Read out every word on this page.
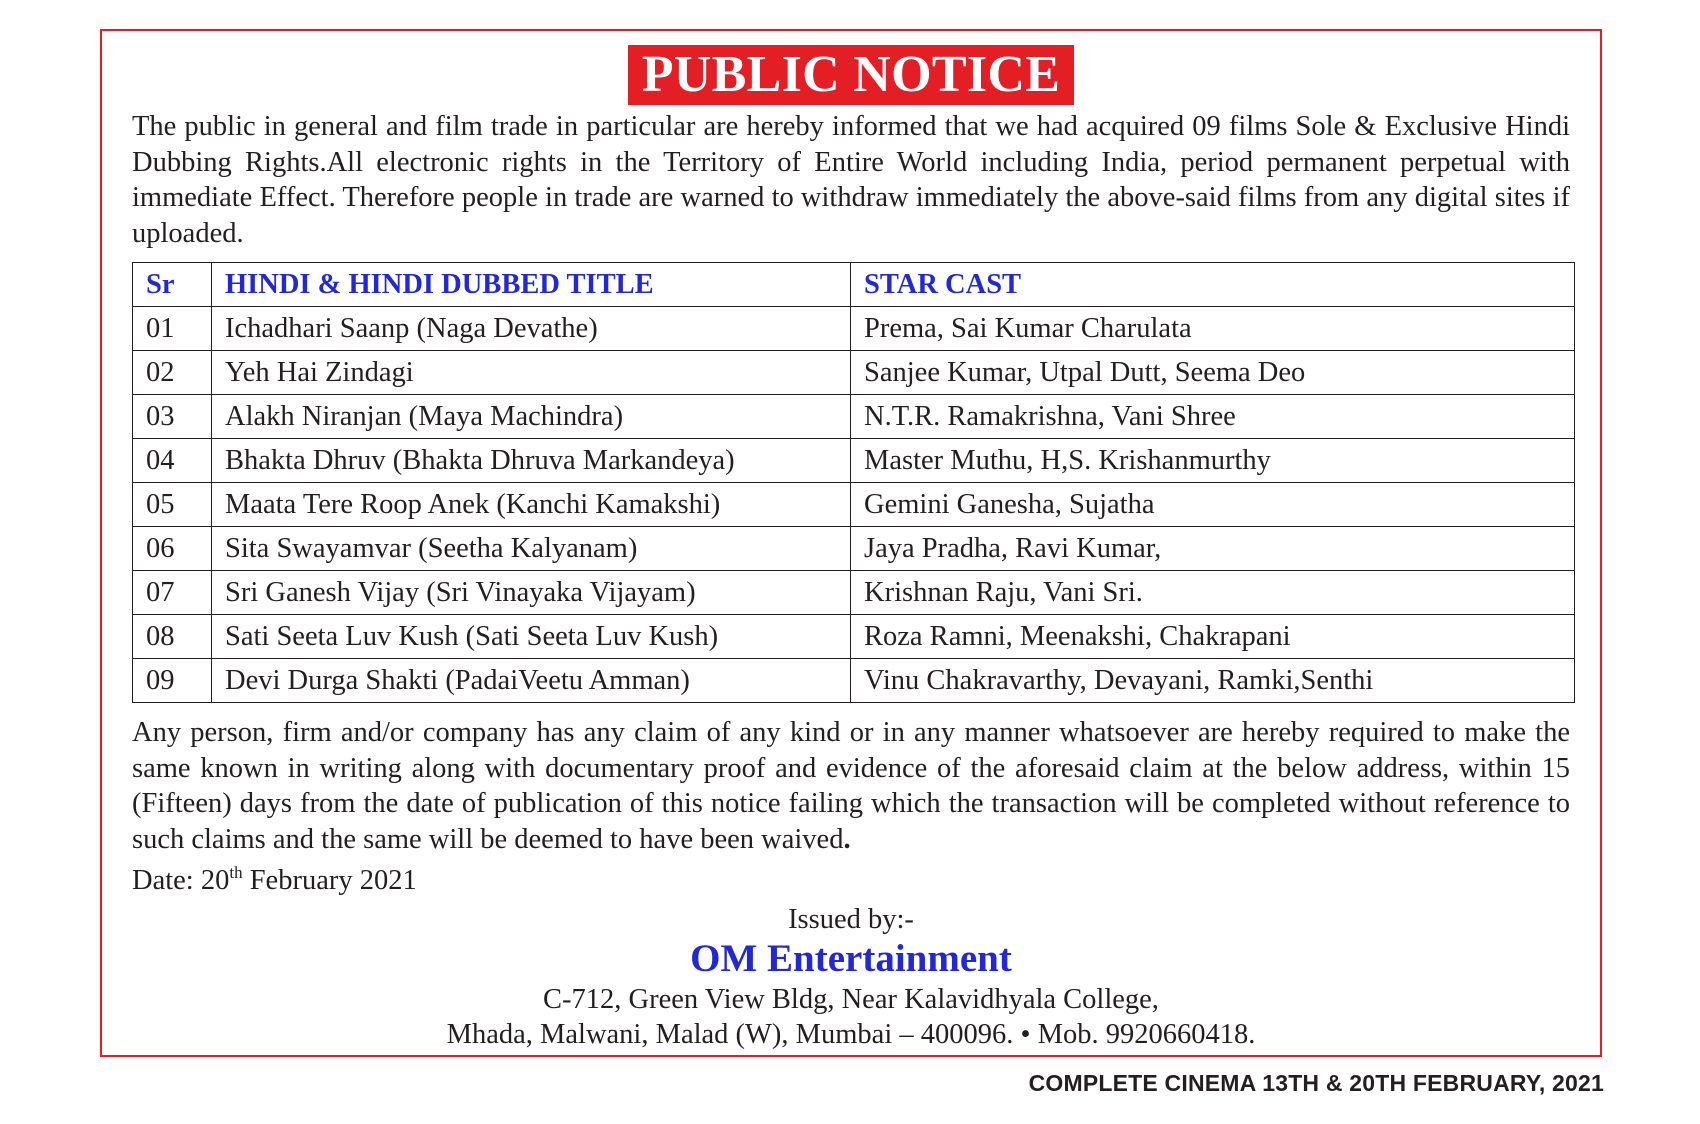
PUBLIC NOTICE
The public in general and film trade in particular are hereby informed that we had acquired 09 films Sole & Exclusive Hindi Dubbing Rights.All electronic rights in the Territory of Entire World including India, period permanent perpetual with immediate Effect. Therefore people in trade are warned to withdraw immediately the above-said films from any digital sites if uploaded.
Sr	HINDI & HINDI DUBBED TITLE	STAR CAST
01	Ichadhari Saanp (Naga Devathe)	Prema, Sai Kumar Charulata
02	Yeh Hai Zindagi	Sanjee Kumar, Utpal Dutt, Seema Deo
03	Alakh Niranjan (Maya Machindra)	N.T.R. Ramakrishna, Vani Shree
04	Bhakta Dhruv (Bhakta Dhruva Markandeya)	Master Muthu, H,S. Krishanmurthy
05	Maata Tere Roop Anek (Kanchi Kamakshi)	Gemini Ganesha, Sujatha
06	Sita Swayamvar (Seetha Kalyanam)	Jaya Pradha, Ravi Kumar,
07	Sri Ganesh Vijay (Sri Vinayaka Vijayam)	Krishnan Raju, Vani Sri.
08	Sati Seeta Luv Kush (Sati Seeta Luv Kush)	Roza Ramni, Meenakshi, Chakrapani
09	Devi Durga Shakti (PadaiVeetu Amman)	Vinu Chakravarthy, Devayani, Ramki,Senthi
Any person, firm and/or company has any claim of any kind or in any manner whatsoever are hereby required to make the same known in writing along with documentary proof and evidence of the aforesaid claim at the below address, within 15 (Fifteen) days from the date of publication of this notice failing which the transaction will be completed without reference to such claims and the same will be deemed to have been waived.
Date: 20th February 2021
Issued by:-
OM Entertainment
C-712, Green View Bldg, Near Kalavidhyala College,
Mhada, Malwani, Malad (W), Mumbai – 400096. • Mob. 9920660418.
COMPLETE CINEMA 13TH & 20TH FEBRUARY, 2021
